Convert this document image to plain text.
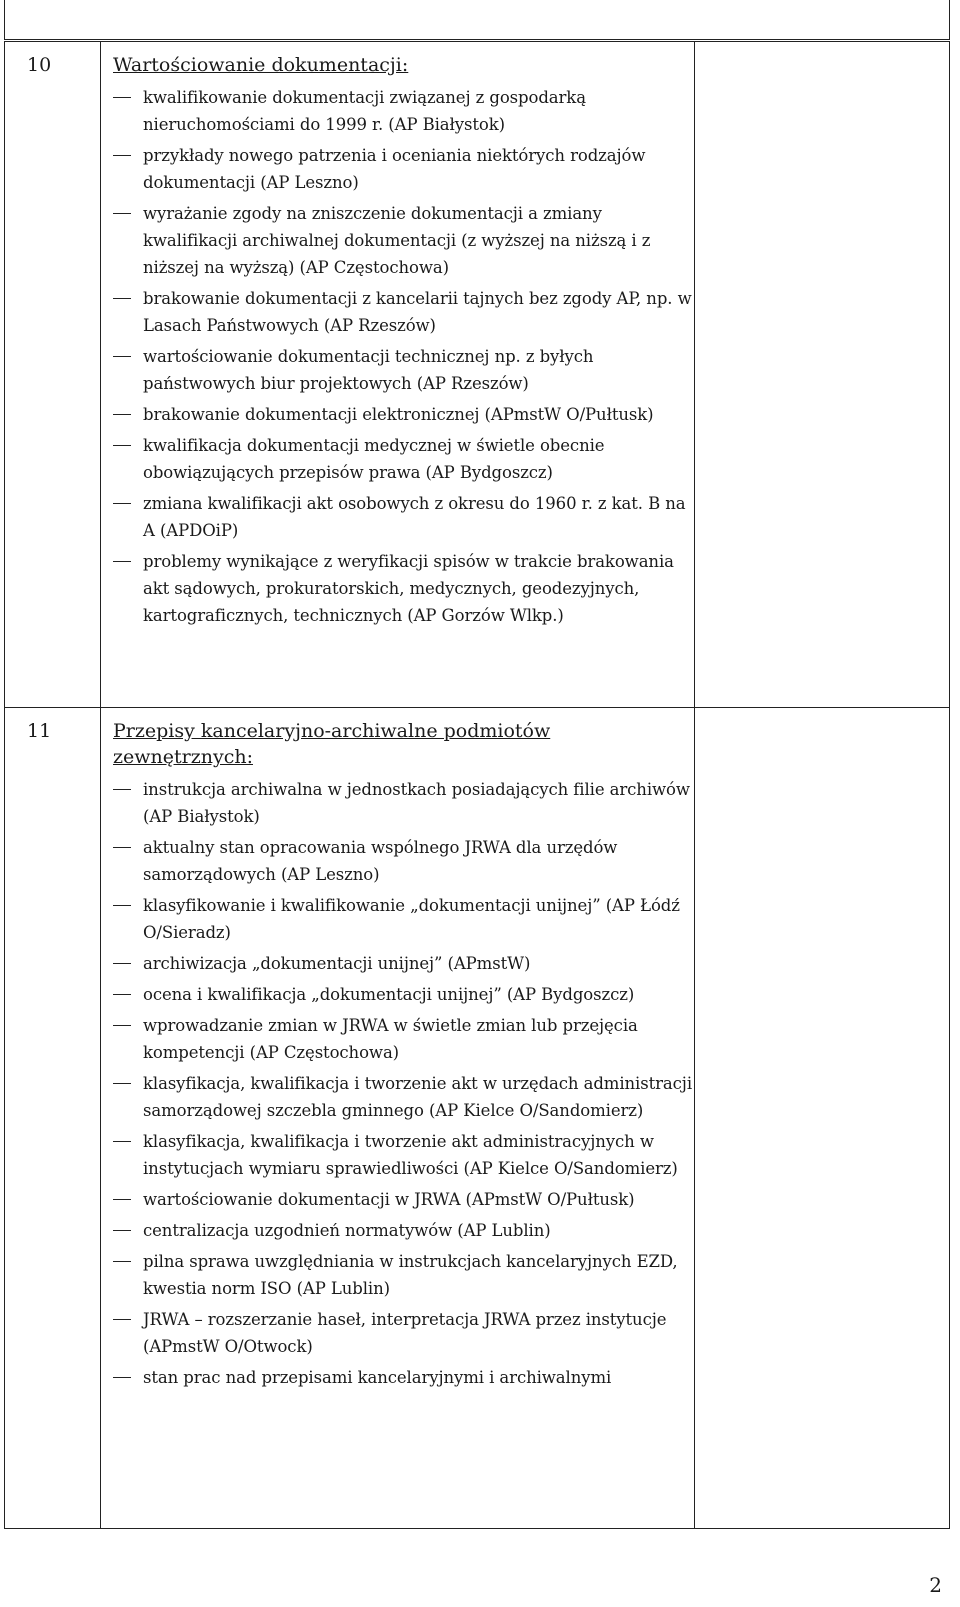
10	Wartościowanie dokumentacji:
kwalifikowanie dokumentacji związanej z gospodarką nieruchomościami do 1999 r. (AP Białystok)
przykłady nowego patrzenia i oceniania niektórych rodzajów dokumentacji (AP Leszno)
wyrażanie zgody na zniszczenie dokumentacji a zmiany kwalifikacji archiwalnej dokumentacji (z wyższej na niższą i z niższej na wyższą) (AP Częstochowa)
brakowanie dokumentacji z kancelarii tajnych bez zgody AP, np. w Lasach Państwowych (AP Rzeszów)
wartościowanie dokumentacji technicznej np. z byłych państwowych biur projektowych (AP Rzeszów)
brakowanie dokumentacji elektronicznej (APmstW O/Pułtusk)
kwalifikacja dokumentacji medycznej w świetle obecnie obowiązujących przepisów prawa (AP Bydgoszcz)
zmiana kwalifikacji akt osobowych z okresu do 1960 r. z kat. B na A (APDOiP)
problemy wynikające z weryfikacji spisów w trakcie brakowania akt sądowych, prokuratorskich, medycznych, geodezyjnych, kartograficznych, technicznych (AP Gorzów Wlkp.)
11	Przepisy kancelaryjno-archiwalne podmiotów zewnętrznych:
instrukcja archiwalna w jednostkach posiadających filie archiwów (AP Białystok)
aktualny stan opracowania wspólnego JRWA dla urzędów samorządowych (AP Leszno)
klasyfikowanie i kwalifikowanie „dokumentacji unijnej” (AP Łódź O/Sieradz)
archiwizacja „dokumentacji unijnej” (APmstW)
ocena i kwalifikacja „dokumentacji unijnej” (AP Bydgoszcz)
wprowadzanie zmian w JRWA w świetle zmian lub przejęcia kompetencji (AP Częstochowa)
klasyfikacja, kwalifikacja i tworzenie akt w urzędach administracji samorządowej szczebla gminnego (AP Kielce O/Sandomierz)
klasyfikacja, kwalifikacja i tworzenie akt administracyjnych w instytucjach wymiaru sprawiedliwości (AP Kielce O/Sandomierz)
wartościowanie dokumentacji w JRWA (APmstW O/Pułtusk)
centralizacja uzgodnień normatywów (AP Lublin)
pilna sprawa uwzględniania w instrukcjach kancelaryjnych EZD, kwestia norm ISO (AP Lublin)
JRWA – rozszerzanie haseł, interpretacja JRWA przez instytucje (APmstW O/Otwock)
stan prac nad przepisami kancelaryjnymi i archiwalnymi
2
